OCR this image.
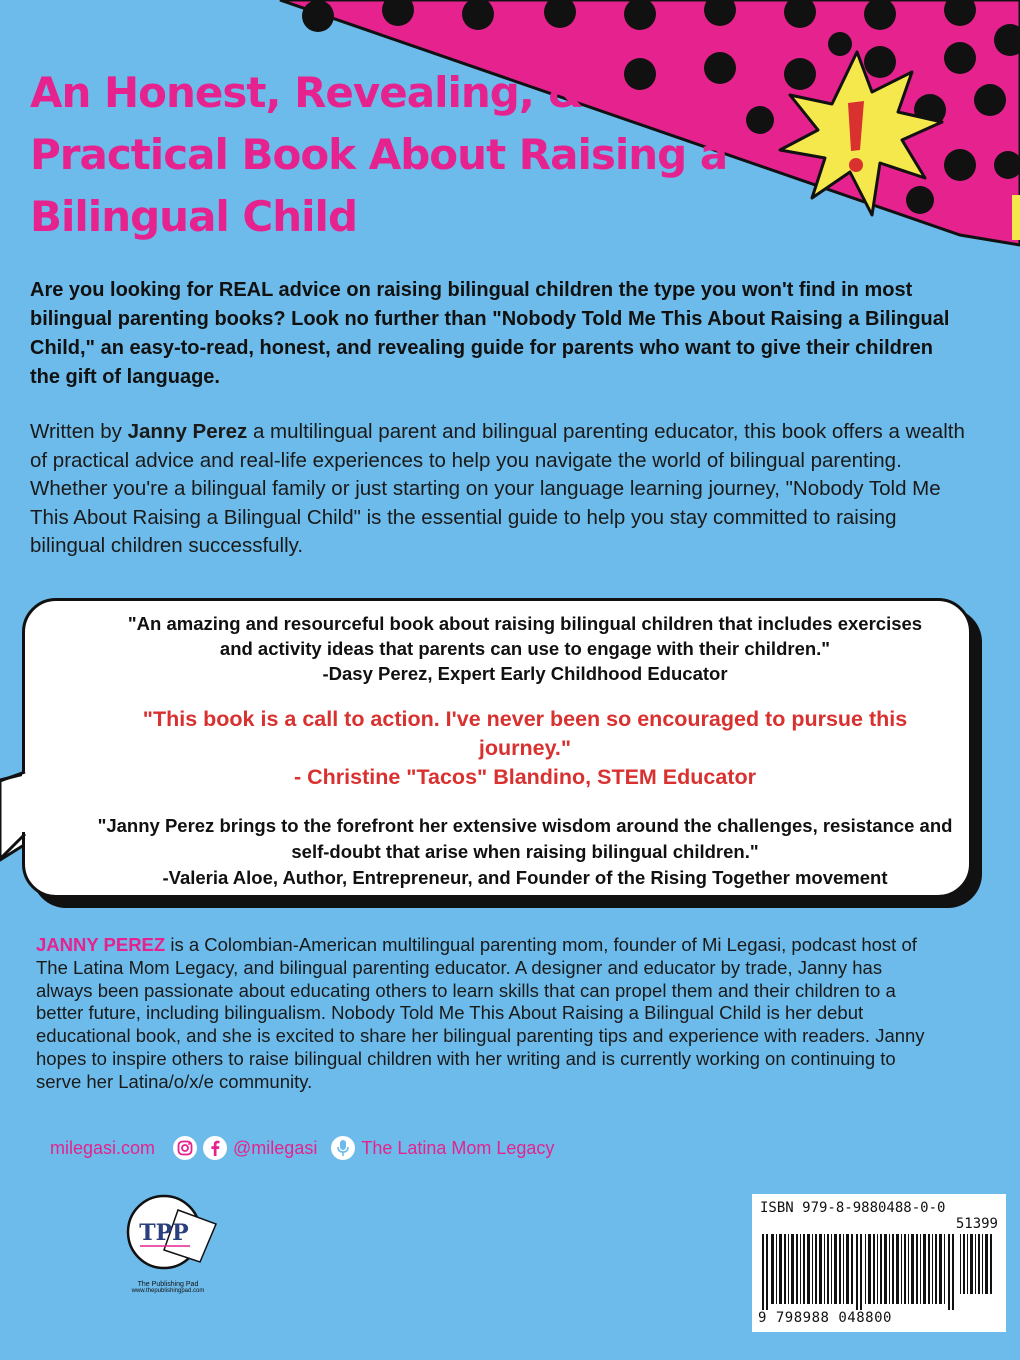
An Honest, Revealing, &
Practical Book About Raising a
Bilingual Child

Are you looking for REAL advice on raising bilingual children the type you won't find in most bilingual parenting books? Look no further than "Nobody Told Me This About Raising a Bilingual Child," an easy-to-read, honest, and revealing guide for parents who want to give their children the gift of language.

Written by Janny Perez a multilingual parent and bilingual parenting educator, this book offers a wealth of practical advice and real-life experiences to help you navigate the world of bilingual parenting. Whether you're a bilingual family or just starting on your language learning journey, "Nobody Told Me This About Raising a Bilingual Child" is the essential guide to help you stay committed to raising bilingual children successfully.

"An amazing and resourceful book about raising bilingual children that includes exercises and activity ideas that parents can use to engage with their children."
-Dasy Perez, Expert Early Childhood Educator
"This book is a call to action. I've never been so encouraged to pursue this journey."
- Christine "Tacos" Blandino, STEM Educator
"Janny Perez brings to the forefront her extensive wisdom around the challenges, resistance and self-doubt that arise when raising bilingual children."
-Valeria Aloe, Author, Entrepreneur, and Founder of the Rising Together movement

JANNY PEREZ is a Colombian-American multilingual parenting mom, founder of Mi Legasi, podcast host of The Latina Mom Legacy, and bilingual parenting educator. A designer and educator by trade, Janny has always been passionate about educating others to learn skills that can propel them and their children to a better future, including bilingualism. Nobody Told Me This About Raising a Bilingual Child is her debut educational book, and she is excited to share her bilingual parenting tips and experience with readers. Janny hopes to inspire others to raise bilingual children with her writing and is currently working on continuing to serve her Latina/o/x/e community.

milegasi.com	@milegasi The Latina Mom Legacy
TPP
The Publishing Pad
www.thepublishingpad.com
ISBN 979-8-9880488-0-0
51399
9 798988 048800
